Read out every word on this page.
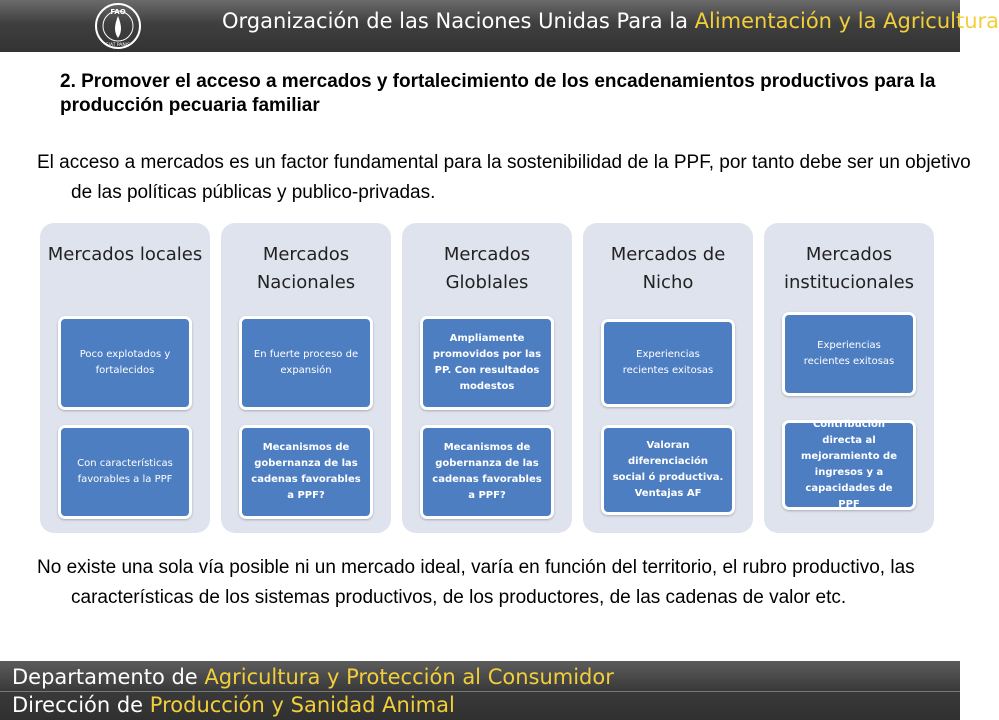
FAO
FIAT PANIS
Organización de las Naciones Unidas Para la Alimentación y la Agricultura
2. Promover el acceso a mercados y fortalecimiento de los encadenamientos productivos para la producción pecuaria familiar
El acceso a mercados es un factor fundamental para la sostenibilidad de la PPF, por tanto debe ser un objetivo de las políticas públicas y publico-privadas.
Mercados locales
Poco explotados y fortalecidos
Con características favorables a la PPF
Mercados Nacionales
En fuerte proceso de expansión
Mecanismos de gobernanza de las cadenas favorables a PPF?
Mercados Globlales
Ampliamente promovidos por las PP. Con resultados modestos
Mecanismos de gobernanza de las cadenas favorables a PPF?
Mercados de Nicho
Experiencias recientes exitosas
Valoran diferenciación social ó productiva. Ventajas AF
Mercados institucionales
Experiencias recientes exitosas
Contribución directa al mejoramiento de ingresos y a capacidades de PPF
No existe una sola vía posible ni un mercado ideal, varía en función del territorio, el rubro productivo, las características de los sistemas productivos, de los productores, de las cadenas de valor etc.
Departamento de Agricultura y Protección al Consumidor
Dirección de Producción y Sanidad Animal
